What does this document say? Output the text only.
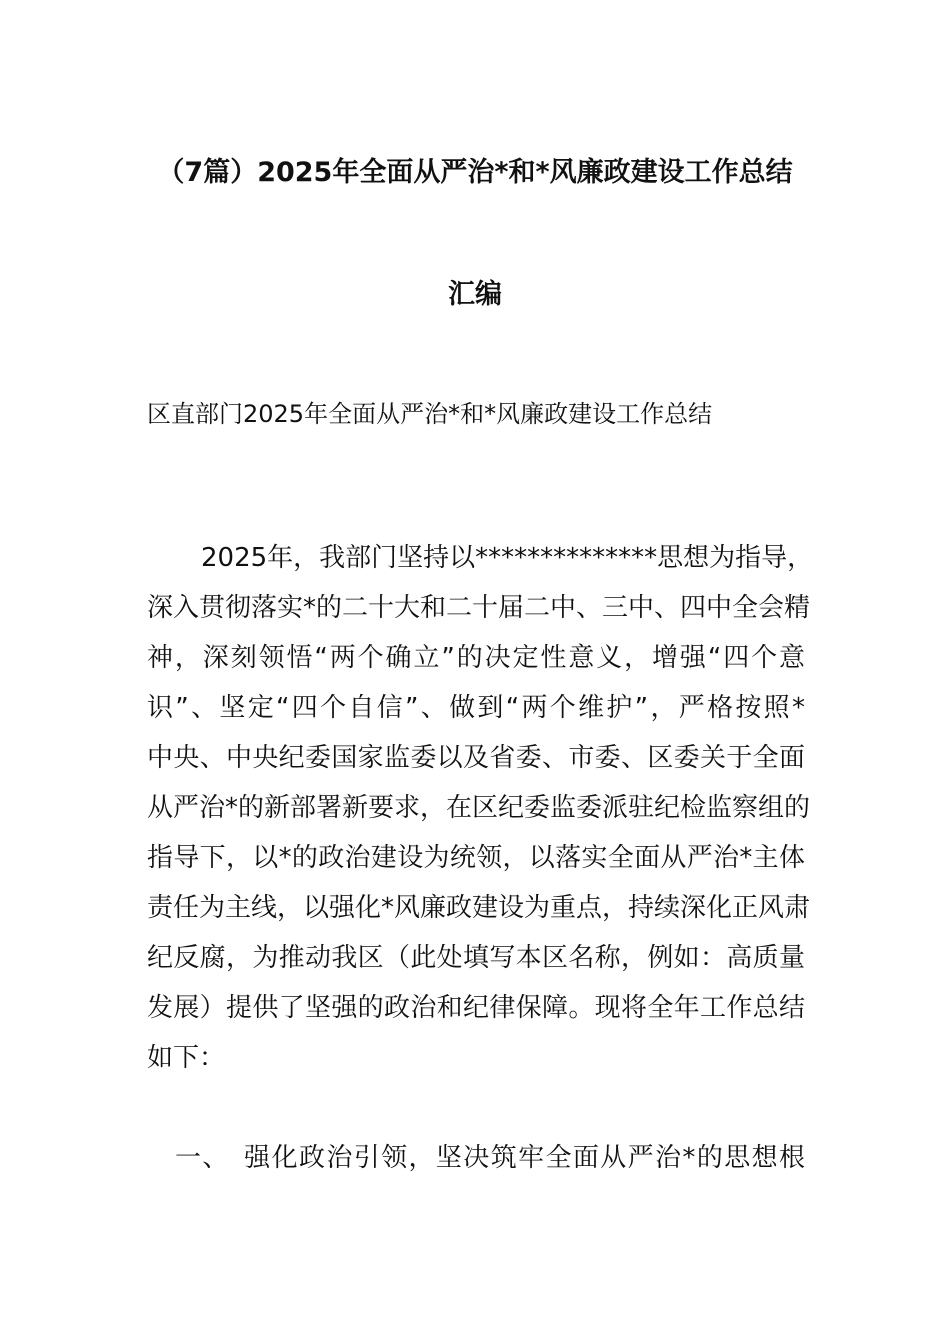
（7篇）2025年全面从严治*和*风廉政建设工作总结
汇编
区直部门2025年全面从严治*和*风廉政建设工作总结
2025年，我部门坚持以**************思想为指导，
深入贯彻落实*的二十大和二十届二中、三中、四中全会精
神，深刻领悟“两个确立”的决定性意义，增强“四个意
识”、坚定“四个自信”、做到“两个维护”，严格按照*
中央、中央纪委国家监委以及省委、市委、区委关于全面
从严治*的新部署新要求，在区纪委监委派驻纪检监察组的
指导下，以*的政治建设为统领，以落实全面从严治*主体
责任为主线，以强化*风廉政建设为重点，持续深化正风肃
纪反腐，为推动我区（此处填写本区名称，例如：高质量
发展）提供了坚强的政治和纪律保障。现将全年工作总结
如下：
一、　强化政治引领，坚决筑牢全面从严治*的思想根
